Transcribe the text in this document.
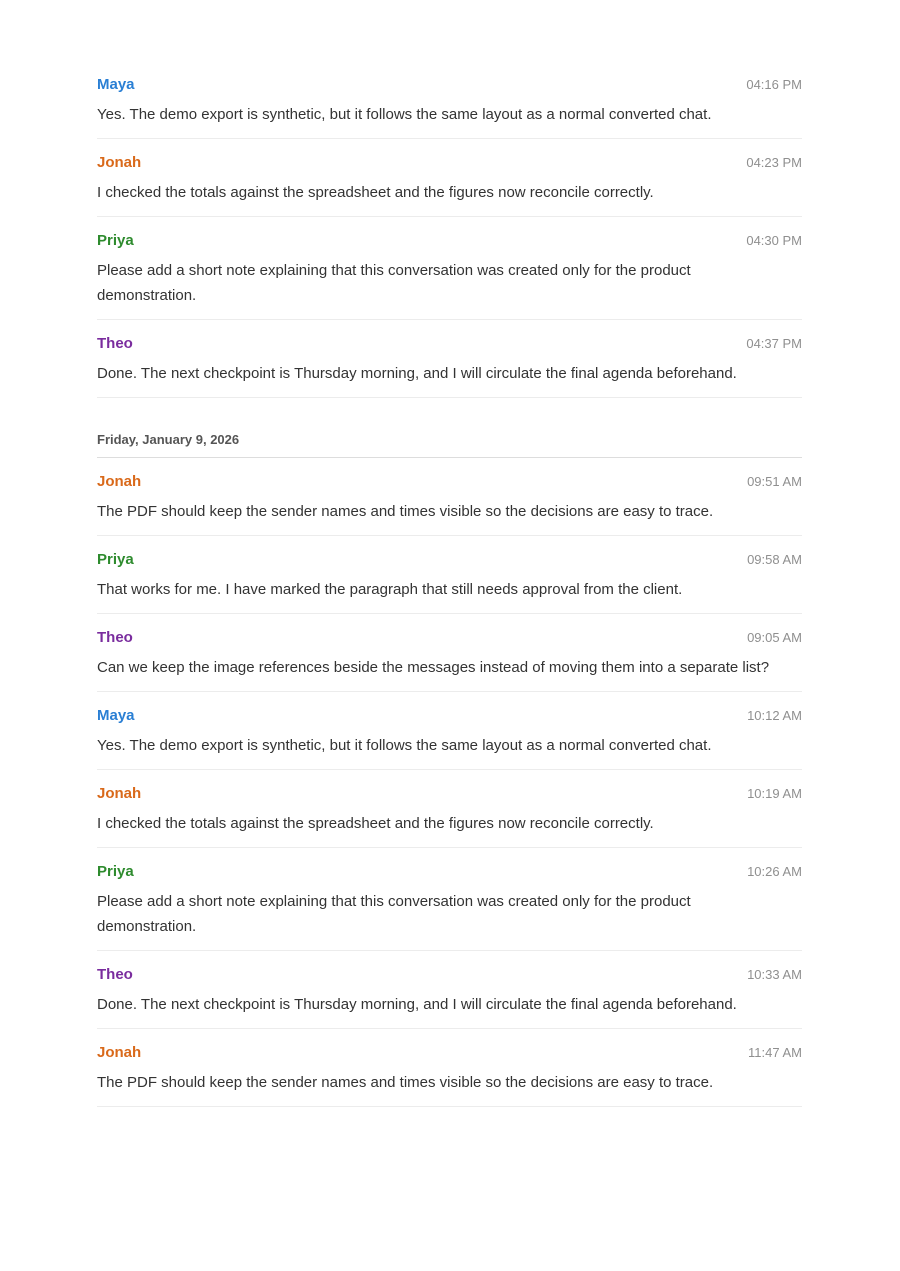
Maya	04:16 PM
Yes. The demo export is synthetic, but it follows the same layout as a normal converted chat.
Jonah	04:23 PM
I checked the totals against the spreadsheet and the figures now reconcile correctly.
Priya	04:30 PM
Please add a short note explaining that this conversation was created only for the product demonstration.
Theo	04:37 PM
Done. The next checkpoint is Thursday morning, and I will circulate the final agenda beforehand.
Friday, January 9, 2026
Jonah	09:51 AM
The PDF should keep the sender names and times visible so the decisions are easy to trace.
Priya	09:58 AM
That works for me. I have marked the paragraph that still needs approval from the client.
Theo	09:05 AM
Can we keep the image references beside the messages instead of moving them into a separate list?
Maya	10:12 AM
Yes. The demo export is synthetic, but it follows the same layout as a normal converted chat.
Jonah	10:19 AM
I checked the totals against the spreadsheet and the figures now reconcile correctly.
Priya	10:26 AM
Please add a short note explaining that this conversation was created only for the product demonstration.
Theo	10:33 AM
Done. The next checkpoint is Thursday morning, and I will circulate the final agenda beforehand.
Jonah	11:47 AM
The PDF should keep the sender names and times visible so the decisions are easy to trace.
